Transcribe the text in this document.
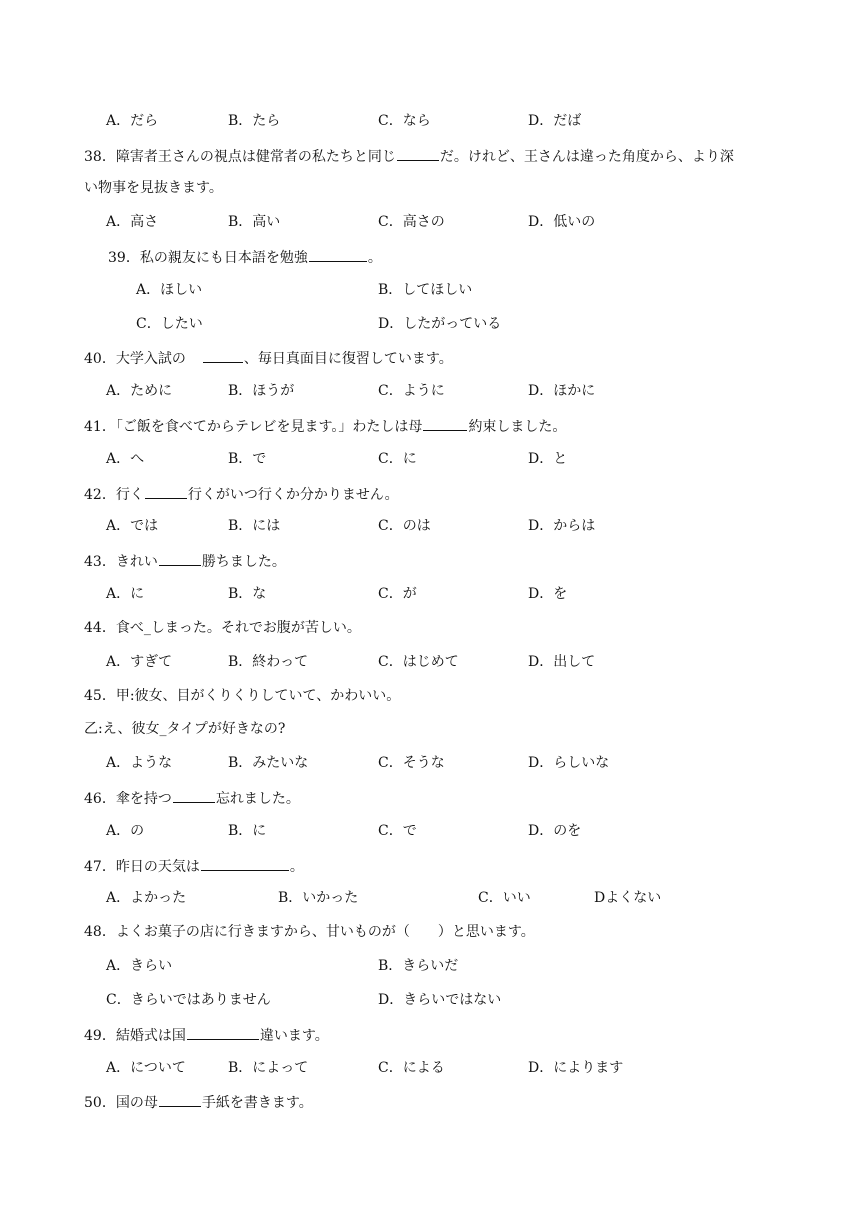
A．だら	B．たら	C．なら	D．だば
38．障害者王さんの視点は健常者の私たちと同じ	だ。けれど、王さんは違った角度から、より深
い物事を見抜きます。
A．高さ	B．高い	C．高さの	D．低いの
39．私の親友にも日本語を勉強	。
A．ほしい	B．してほしい
C．したい	D．したがっている
40．大学入試の	、毎日真面目に復習しています。
A．ために	B．ほうが	C．ように	D．ほかに
41．「ご飯を食べてからテレビを見ます。」わたしは母	約束しました。
A．へ	B．で	C．に	D．と
42．行く	行くがいつ行くか分かりません。
A．では	B．には	C．のは	D．からは
43．きれい	勝ちました。
A．に	B．な	C．が	D．を
44．食べ_しまった。それでお腹が苦しい。
A．すぎて	B．終わって	C．はじめて	D．出して
45．甲:彼女、目がくりくりしていて、かわいい。
乙:え、彼女_タイプが好きなの?
A．ような	B．みたいな	C．そうな	D．らしいな
46．傘を持つ	忘れました。
A．の	B．に	C．で	D．のを
47．昨日の天気は	。
A．よかった	B．いかった	C．いい	Dよくない
48．よくお菓子の店に行きますから、甘いものが（　　）と思います。
A．きらい	B．きらいだ
C．きらいではありません	D．きらいではない
49．結婚式は国	違います。
A．について	B．によって	C．による	D．によります
50．国の母	手紙を書きます。
